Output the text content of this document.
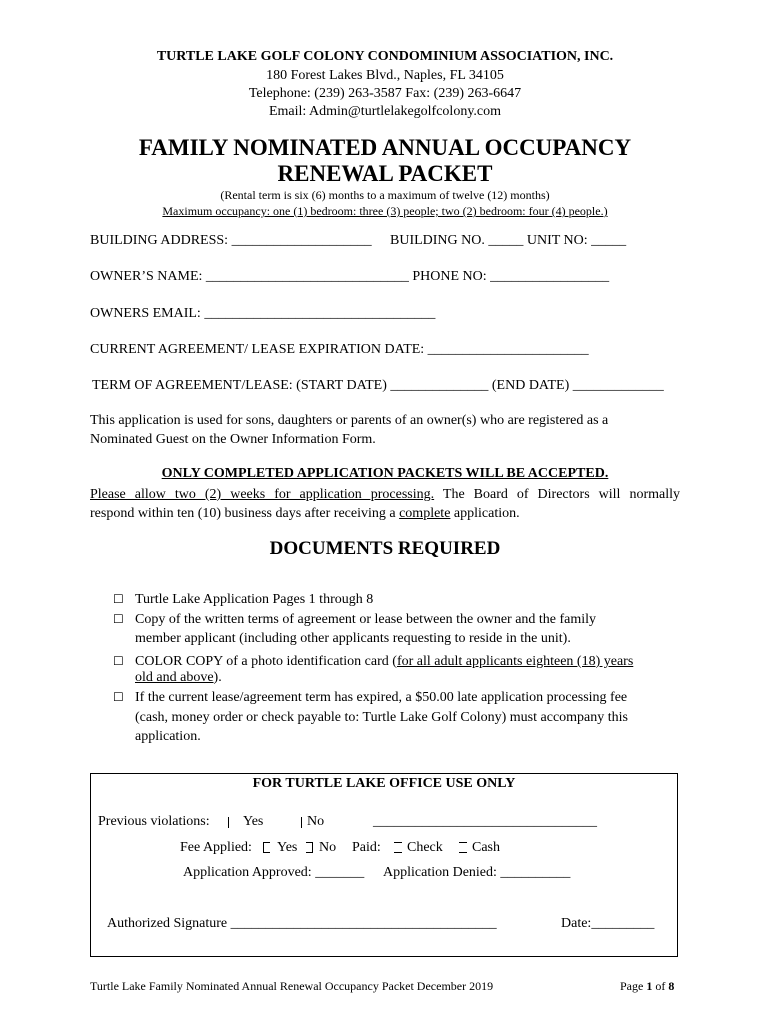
TURTLE LAKE GOLF COLONY CONDOMINIUM ASSOCIATION, INC.
180 Forest Lakes Blvd., Naples, FL 34105
Telephone: (239) 263-3587 Fax: (239) 263-6647
Email: Admin@turtlelakegolfcolony.com
FAMILY NOMINATED ANNUAL OCCUPANCY
RENEWAL PACKET
(Rental term is six (6) months to a maximum of twelve (12) months)
Maximum occupancy: one (1) bedroom: three (3) people; two (2) bedroom: four (4) people.)
BUILDING ADDRESS: ____________________ BUILDING NO. _____ UNIT NO: _____
OWNER’S NAME: _____________________________ PHONE NO: _________________
OWNERS EMAIL: _________________________________
CURRENT AGREEMENT/ LEASE EXPIRATION DATE: _______________________
TERM OF AGREEMENT/LEASE: (START DATE) ______________ (END DATE) _____________
This application is used for sons, daughters or parents of an owner(s) who are registered as a
Nominated Guest on the Owner Information Form.
ONLY COMPLETED APPLICATION PACKETS WILL BE ACCEPTED.
Please allow two (2) weeks for application processing. The Board of Directors will normally
respond within ten (10) business days after receiving a complete application.
DOCUMENTS REQUIRED
☐ Turtle Lake Application Pages 1 through 8
☐ Copy of the written terms of agreement or lease between the owner and the family
member applicant (including other applicants requesting to reside in the unit).
☐ COLOR COPY of a photo identification card (for all adult applicants eighteen (18) years
old and above).
☐ If the current lease/agreement term has expired, a $50.00 late application processing fee
(cash, money order or check payable to: Turtle Lake Golf Colony) must accompany this
application.
FOR TURTLE LAKE OFFICE USE ONLY
Previous violations: Yes	No	________________________________
Fee Applied: Yes No Paid: Check Cash
Application Approved: _______ Application Denied: __________
Authorized Signature ______________________________________	Date:_________
Turtle Lake Family Nominated Annual Renewal Occupancy Packet December 2019	Page 1 of 8
